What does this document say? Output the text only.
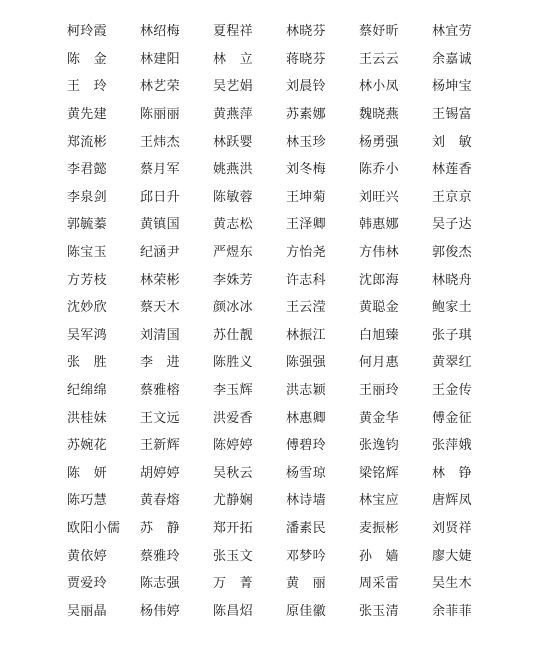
柯玲霞	林绍梅	夏程祥	林晓芬	蔡妤昕	林宜劳
陈　金	林建阳	林　立	蒋晓芬	王云云	余嘉诚
王　玲	林艺荣	吴艺娟	刘晨铃	林小凤	杨坤宝
黄先建	陈丽丽	黄燕萍	苏素娜	魏晓燕	王锡富
郑流彬	王炜杰	林跃婴	林玉珍	杨勇强	刘　敏
李君懿	蔡月军	姚燕洪	刘冬梅	陈乔小	林莲香
李泉剑	邱日升	陈敏蓉	王坤菊	刘旺兴	王京京
郭毓蓁	黄镇国	黄志松	王泽卿	韩惠娜	吴子达
陈宝玉	纪涵尹	严煜东	方怡尧	方伟林	郭俊杰
方芳枝	林荣彬	李姝芳	许志科	沈郎海	林晓舟
沈妙欣	蔡天木	颜冰冰	王云滢	黄聪金	鲍家土
吴军鸿	刘清国	苏仕靓	林振江	白旭臻	张子琪
张　胜	李　进	陈胜义	陈强强	何月惠	黄翠红
纪绵绵	蔡雅榕	李玉辉	洪志颖	王丽玲	王金传
洪桂妹	王文远	洪爱香	林惠卿	黄金华	傅金征
苏婉花	王新辉	陈婷婷	傅碧玲	张逸钧	张萍娥
陈　妍	胡婷婷	吴秋云	杨雪琼	梁铭辉	林　铮
陈巧慧	黄春熔	尤静娴	林诗墙	林宝应	唐辉凤
欧阳小儒	苏　静	郑开拓	潘素民	麦振彬	刘贤祥
黄依婷	蔡雅玲	张玉文	邓梦吟	孙　嫱	廖大婕
贾爱玲	陈志强	万　菁	黄　丽	周采雷	吴生木
吴丽晶	杨伟婷	陈昌炤	原佳徽	张玉清	余菲菲
